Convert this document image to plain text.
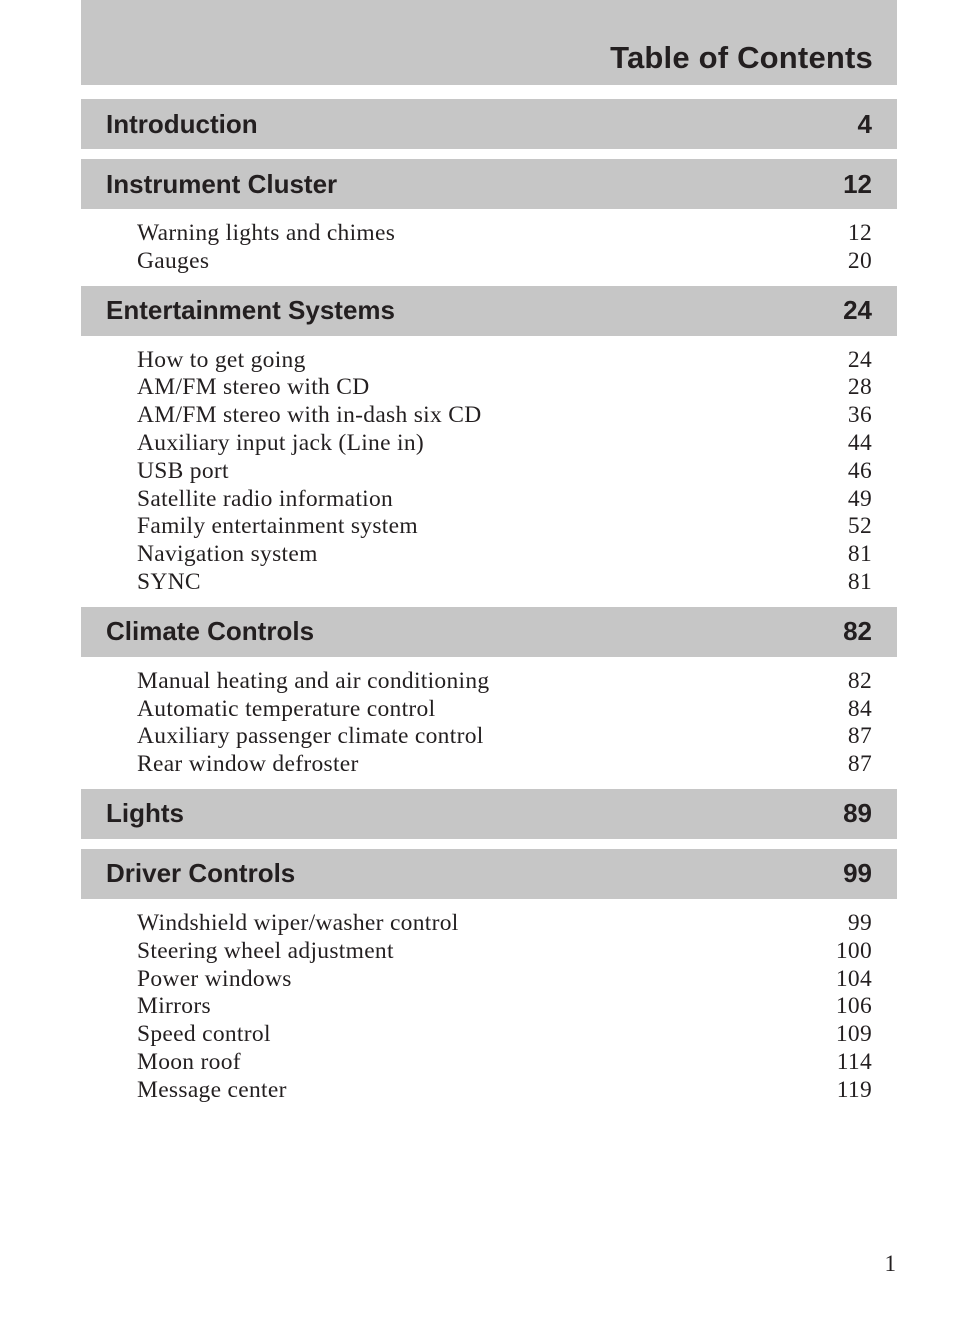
Table of Contents
Introduction	4
Instrument Cluster	12
Warning lights and chimes	12
Gauges	20
Entertainment Systems	24
How to get going	24
AM/FM stereo with CD	28
AM/FM stereo with in-dash six CD	36
Auxiliary input jack (Line in)	44
USB port	46
Satellite radio information	49
Family entertainment system	52
Navigation system	81
SYNC	81
Climate Controls	82
Manual heating and air conditioning	82
Automatic temperature control	84
Auxiliary passenger climate control	87
Rear window defroster	87
Lights	89
Driver Controls	99
Windshield wiper/washer control	99
Steering wheel adjustment	100
Power windows	104
Mirrors	106
Speed control	109
Moon roof	114
Message center	119
1
